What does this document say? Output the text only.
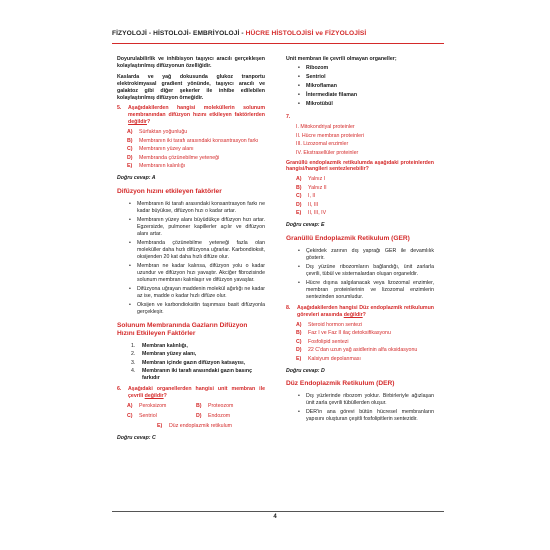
FİZYOLOJİ - HİSTOLOJİ- EMBRİYOLOJİ - HÜCRE HİSTOLOJİSİ ve FİZYOLOJİSİ

Doyurulabilirlik ve inhibisyon taşıyıcı aracılı gerçekleşen kolaylaştırılmış difüzyonun özelliğidir.

Kaslarda ve yağ dokusunda glukoz tranportu elektrokimyasal gradient yönünde, taşıyıcı aracılı ve galaktoz gibi diğer şekerler ile inhibe edilebilen kolaylaştırılmış difüzyon örneğidir.

5.	Aşağıdakilerden hangisi moleküllerin solunum membranından difüzyon hızını etkileyen faktörlerden değildir?
A)	Sürfaktan yoğunluğu
B)	Membranın iki tarafı arasındaki konsantrasyon farkı
C)	Membranın yüzey alanı
D)	Membranda çözünebilme yeteneği
E)	Membranın kalınlığı
Doğru cevap: A
Difüzyon hızını etkileyen faktörler
• Membranın iki tarafı arasındaki konsantrasyon farkı ne kadar büyükse, difüzyon hızı o kadar artar.
• Membranın yüzey alanı büyüdükçe difüzyon hızı artar. Egzersizde, pulmoner kapillerler açılır ve difüzyon alanı artar.
• Membranda çözünebilme yeteneği fazla olan moleküller daha hızlı difüzyona uğrarlar. Karbondioksit, oksijenden 20 kat daha hızlı difüze olur.
• Membran ne kadar kalınsa, difüzyon yolu o kadar uzundur ve difüzyon hızı yavaştır. Akciğer fibrozisinde solunum membranı kalınlaşır ve difüzyon yavaşlar.
• Difüzyona uğrayan maddenin molekül ağırlığı ne kadar az ise, madde o kadar hızlı difüze olur.
• Oksijen ve karbondioksitin taşınması basit difüzyonla gerçekleşir.
Solunum Membranında Gazların Difüzyon Hızını Etkileyen Faktörler
1.	Membran kalınlığı,
2.	Membran yüzey alanı,
3.	Membran içinde gazın difüzyon katsayısı,
4.	Membranın iki tarafı arasındaki gazın basınç farkıdır
6.	Aşağıdaki organellerden hangisi unit membran ile çevrili değildir?
A)	Peroksizom	B)	Proteozom
C)	Sentriol	D)	Endozom
E)	Düz endoplazmik retikulum
Doğru cevap: C

Unit membran ile çevrili olmayan organeller;

• Ribozom
• Sentriol
• Mikroflaman
• İntermediate filaman
• Mikrotübül
7.
I. Mitokondriyal proteinler
II. Hücre membran proteinleri
III. Lizozomal enzimler
IV. Ekstrasellüler proteinler
Granüllü endoplazmik retikulumda aşağıdaki proteinlerden hangisi/hangileri sentezlenebilir?
A)	Yalnız I
B)	Yalnız II
C)	I, II
D)	II, III
E)	II, III, IV
Doğru cevap: E
Granüllü Endoplazmik Retikulum (GER)
• Çekirdek zarının dış yaprağı GER ile devamlılık gösterir.
• Dış yüzüne ribozomların bağlandığı, ünit zarlarla çevrili, tübül ve sisternalardan oluşan organeldir.
• Hücre dışına salgılanacak veya lizozomal enzimler, membran proteinlerinin ve lizozomal enzimlerin sentezinden sorumludur.
8.	Aşağıdakilerden hangisi Düz endoplazmik retikulumun görevleri arasında değildir?
A)	Steroid hormon sentezi
B)	Faz I ve Faz II ilaç detoksifikasyonu
C)	Fosfolipid sentezi
D)	22 C'dan uzun yağ asidlerinin alfa oksidasyonu
E)	Kalsiyum depolanması
Doğru cevap: D
Düz Endoplazmik Retikulum (DER)
• Dış yüzlerinde ribozom yoktur. Birbirleriyle ağızlaşan ünit zarla çevrili tübüllerden oluşur.
• DER'in ana görevi bütün hücresel membranların yapısını oluşturan çeşitli fosfolipitlerin sentezidir.
4
